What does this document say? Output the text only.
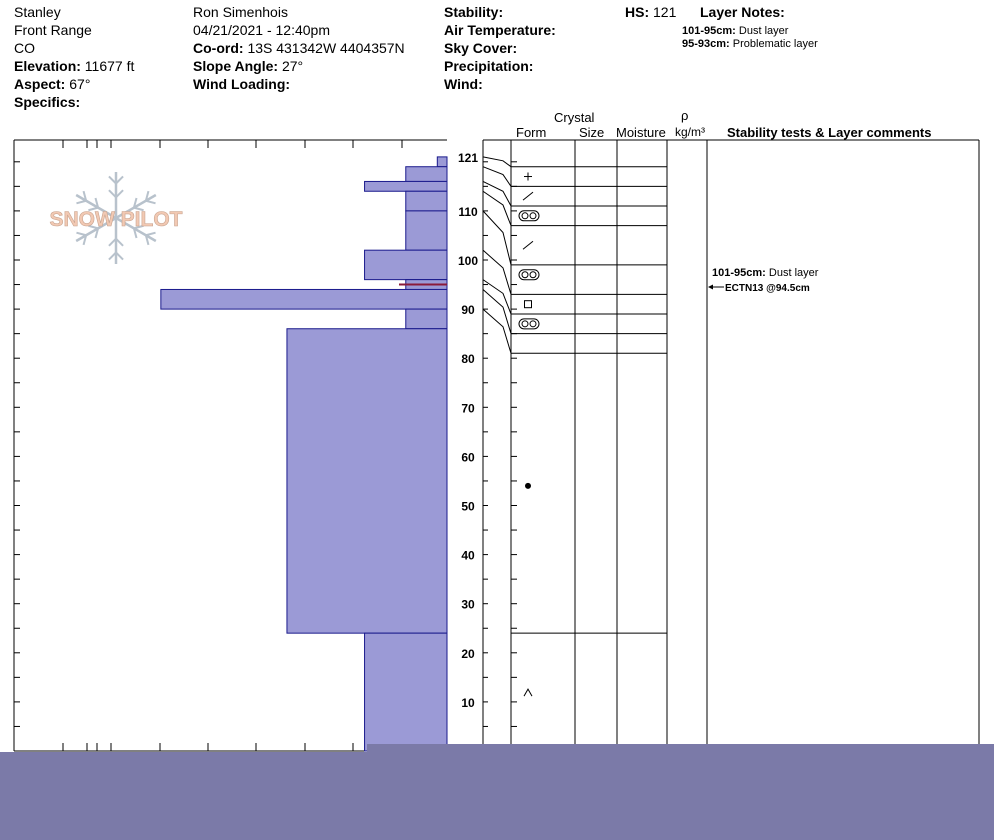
Stanley
Front Range
CO
Elevation: 11677 ft
Aspect: 67°
Specifics:
Ron Simenhois
04/21/2021 - 12:40pm
Co-ord: 13S 431342W 4404357N
Slope Angle: 27°
Wind Loading:
Stability:
Air Temperature:
Sky Cover:
Precipitation:
Wind:
HS: 121 Layer Notes:
101-95cm: Dust layer
95-93cm: Problematic layer
Crystal
Form	Size Moisture
ρ
kg/m³ Stability tests & Layer comments
SNOW PILOT
10
20
30
40
50
60
70
80
90
100
110
121
101-95cm: Dust layer
ECTN13 @94.5cm
